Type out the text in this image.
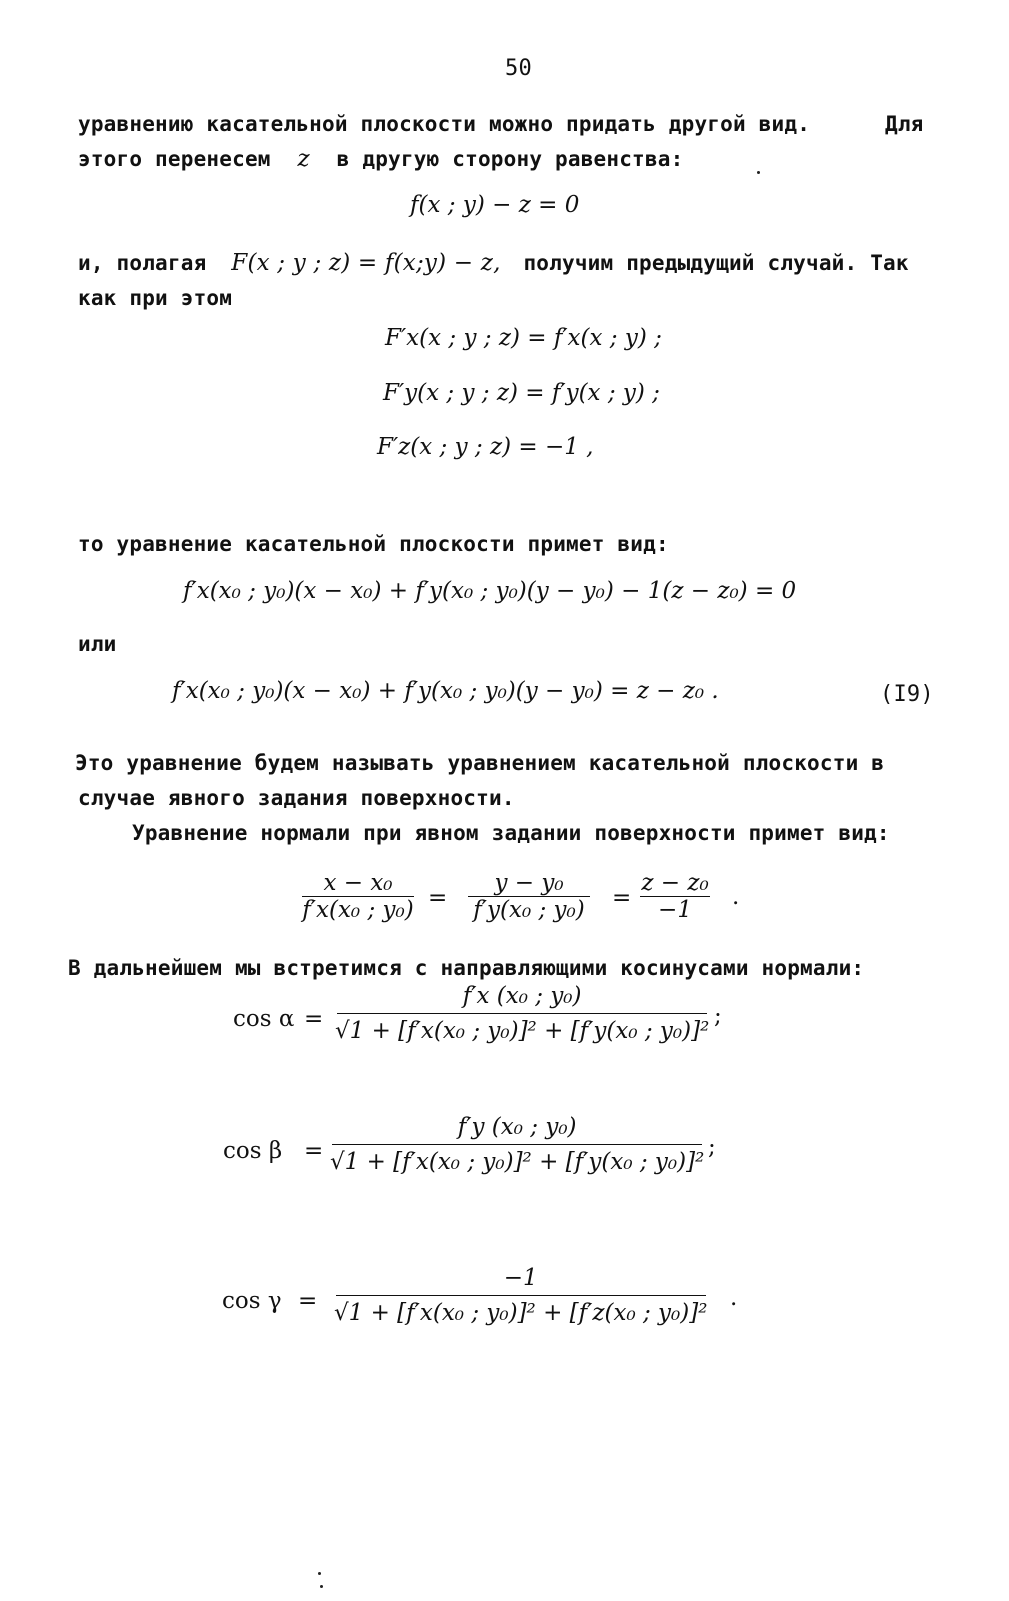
50
уравнению касательной плоскости можно придать другой вид.	Для
этого перенесем z в другую сторону равенства:
f(x ; y) − z = 0
и, полагая F(x ; y ; z) = f(x;y) − z, получим предыдущий случай. Так
как при этом
F′x(x ; y ; z) = f′x(x ; y) ;
F′y(x ; y ; z) = f′y(x ; y) ;
F′z(x ; y ; z) = −1 ,
то уравнение касательной плоскости примет вид:
f′x(x₀ ; y₀)(x − x₀) + f′y(x₀ ; y₀)(y − y₀) − 1(z − z₀) = 0
или
f′x(x₀ ; y₀)(x − x₀) + f′y(x₀ ; y₀)(y − y₀) = z − z₀ .	(I9)
Это уравнение будем называть уравнением касательной плоскости в
случае явного задания поверхности.
Уравнение нормали при явном задании поверхности примет вид:
x − x₀
f′x(x₀ ; y₀) =
y − y₀
f′y(x₀ ; y₀) =
z − z₀
−1 .
В дальнейшем мы встретимся с направляющими косинусами нормали:
cos α =
f′x (x₀ ; y₀)
√1 + [f′x(x₀ ; y₀)]² + [f′y(x₀ ; y₀)]²
;
cos β =
f′y (x₀ ; y₀)
√1 + [f′x(x₀ ; y₀)]² + [f′y(x₀ ; y₀)]²
;
cos γ =
−1
√1 + [f′x(x₀ ; y₀)]² + [f′z(x₀ ; y₀)]²
.
